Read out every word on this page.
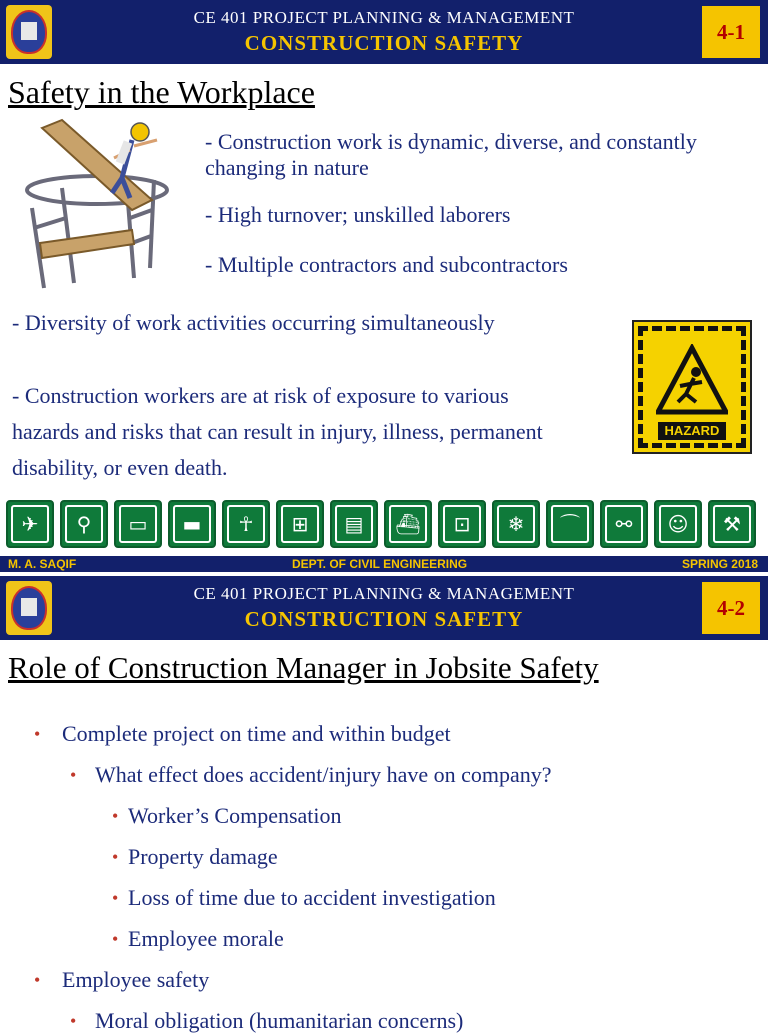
CE 401 PROJECT PLANNING & MANAGEMENT
CONSTRUCTION SAFETY	4-1
Safety in the Workplace
- Construction work is dynamic, diverse, and constantly changing in nature
- High turnover; unskilled laborers
- Multiple contractors and subcontractors
- Diversity of work activities occurring simultaneously
- Construction workers are at risk of exposure to various hazards and risks that can result in injury, illness, permanent disability, or even death.
HAZARD
✈	⚲	▭	▬	☥	⊞	▤	⛴	⊡	❄	⌒	⚯	☺	⚒
M. A. SAQIF	DEPT. OF CIVIL ENGINEERING	SPRING 2018
CE 401 PROJECT PLANNING & MANAGEMENT
CONSTRUCTION SAFETY	4-2
Role of Construction Manager in Jobsite Safety
• Complete project on time and within budget
• What effect does accident/injury have on company?
• Worker’s Compensation
• Property damage
• Loss of time due to accident investigation
• Employee morale
• Employee safety
• Moral obligation (humanitarian concerns)
